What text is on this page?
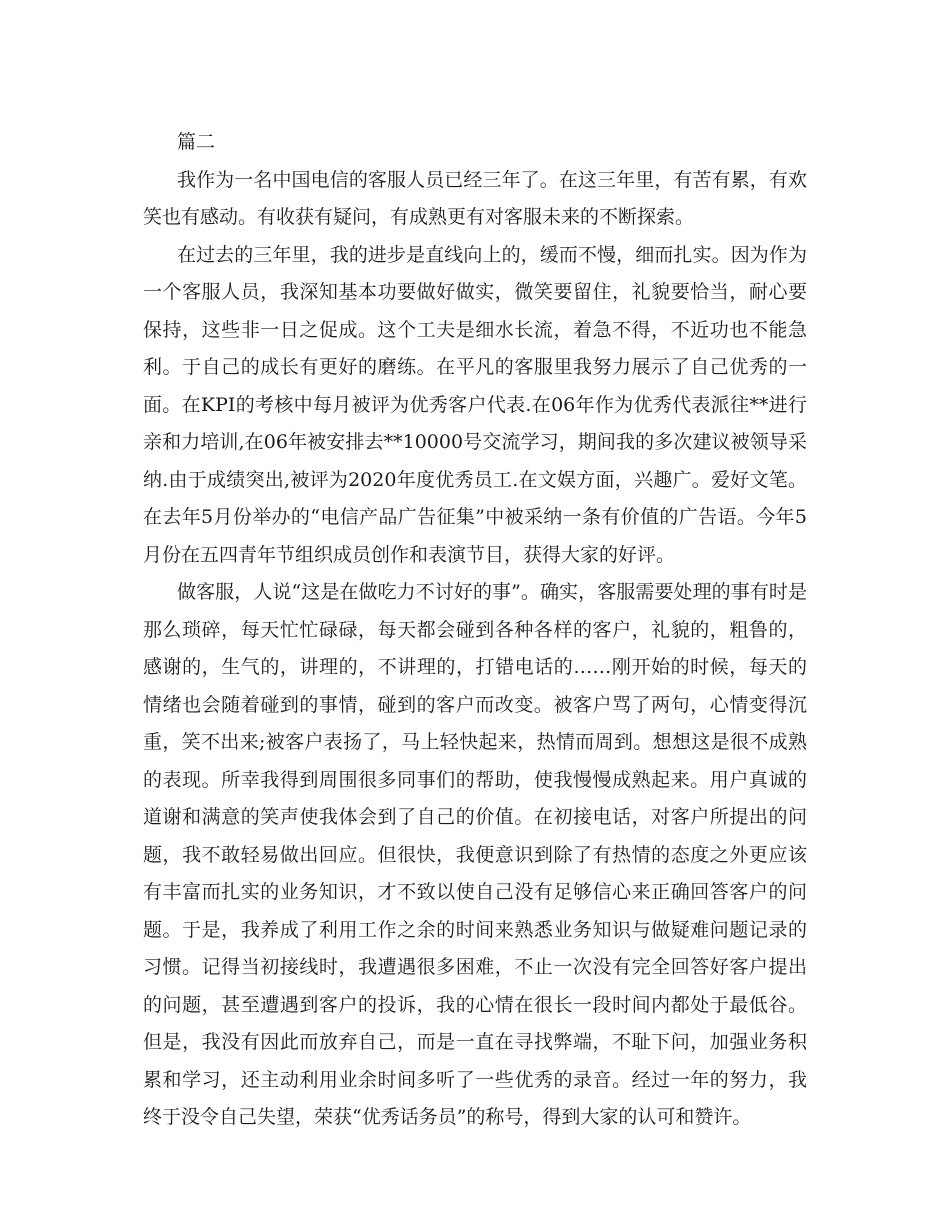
篇二

我作为一名中国电信的客服人员已经三年了。在这三年里，有苦有累，有欢笑也有感动。有收获有疑问，有成熟更有对客服未来的不断探索。

在过去的三年里，我的进步是直线向上的，缓而不慢，细而扎实。因为作为一个客服人员，我深知基本功要做好做实，微笑要留住，礼貌要恰当，耐心要保持，这些非一日之促成。这个工夫是细水长流，着急不得，不近功也不能急利。于自己的成长有更好的磨练。在平凡的客服里我努力展示了自己优秀的一面。在KPI的考核中每月被评为优秀客户代表.在06年作为优秀代表派往**进行亲和力培训,在06年被安排去**10000号交流学习，期间我的多次建议被领导采纳.由于成绩突出,被评为2020年度优秀员工.在文娱方面，兴趣广。爱好文笔。在去年5月份举办的“电信产品广告征集”中被采纳一条有价值的广告语。今年5月份在五四青年节组织成员创作和表演节目，获得大家的好评。

做客服，人说“这是在做吃力不讨好的事”。确实，客服需要处理的事有时是那么琐碎，每天忙忙碌碌，每天都会碰到各种各样的客户，礼貌的，粗鲁的，感谢的，生气的，讲理的，不讲理的，打错电话的……刚开始的时候，每天的情绪也会随着碰到的事情，碰到的客户而改变。被客户骂了两句，心情变得沉重，笑不出来;被客户表扬了，马上轻快起来，热情而周到。想想这是很不成熟的表现。所幸我得到周围很多同事们的帮助，使我慢慢成熟起来。用户真诚的道谢和满意的笑声使我体会到了自己的价值。在初接电话，对客户所提出的问题，我不敢轻易做出回应。但很快，我便意识到除了有热情的态度之外更应该有丰富而扎实的业务知识，才不致以使自己没有足够信心来正确回答客户的问题。于是，我养成了利用工作之余的时间来熟悉业务知识与做疑难问题记录的习惯。记得当初接线时，我遭遇很多困难，不止一次没有完全回答好客户提出的问题，甚至遭遇到客户的投诉，我的心情在很长一段时间内都处于最低谷。但是，我没有因此而放弃自己，而是一直在寻找弊端，不耻下问，加强业务积累和学习，还主动利用业余时间多听了一些优秀的录音。经过一年的努力，我终于没令自己失望，荣获“优秀话务员”的称号，得到大家的认可和赞许。
